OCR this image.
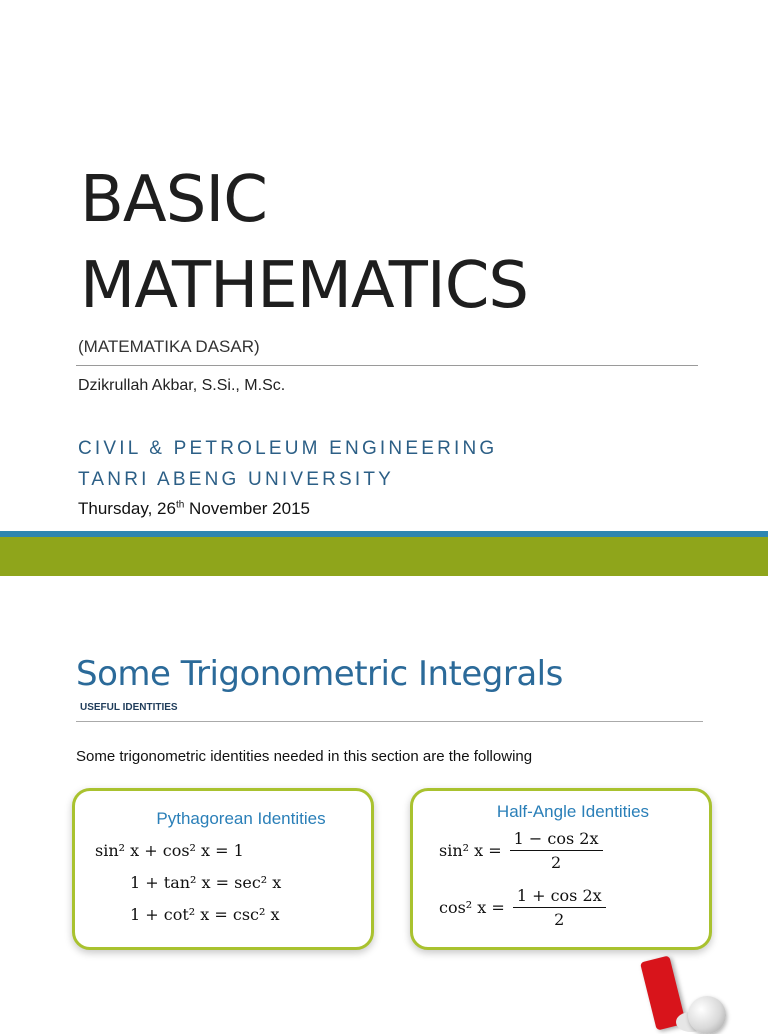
BASIC
MATHEMATICS
(MATEMATIKA DASAR)
Dzikrullah Akbar, S.Si., M.Sc.
CIVIL & PETROLEUM ENGINEERING
TANRI ABENG UNIVERSITY
Thursday, 26th November 2015
Some Trigonometric Integrals
USEFUL IDENTITIES
Some trigonometric identities needed in this section are the following
Pythagorean Identities
sin² x + cos² x = 1
1 + tan² x = sec² x
1 + cot² x = csc² x
Half-Angle Identities
sin² $x = \frac{1 - \cos 2x}{2}$
cos² $x = \frac{1 + \cos 2x}{2}$
